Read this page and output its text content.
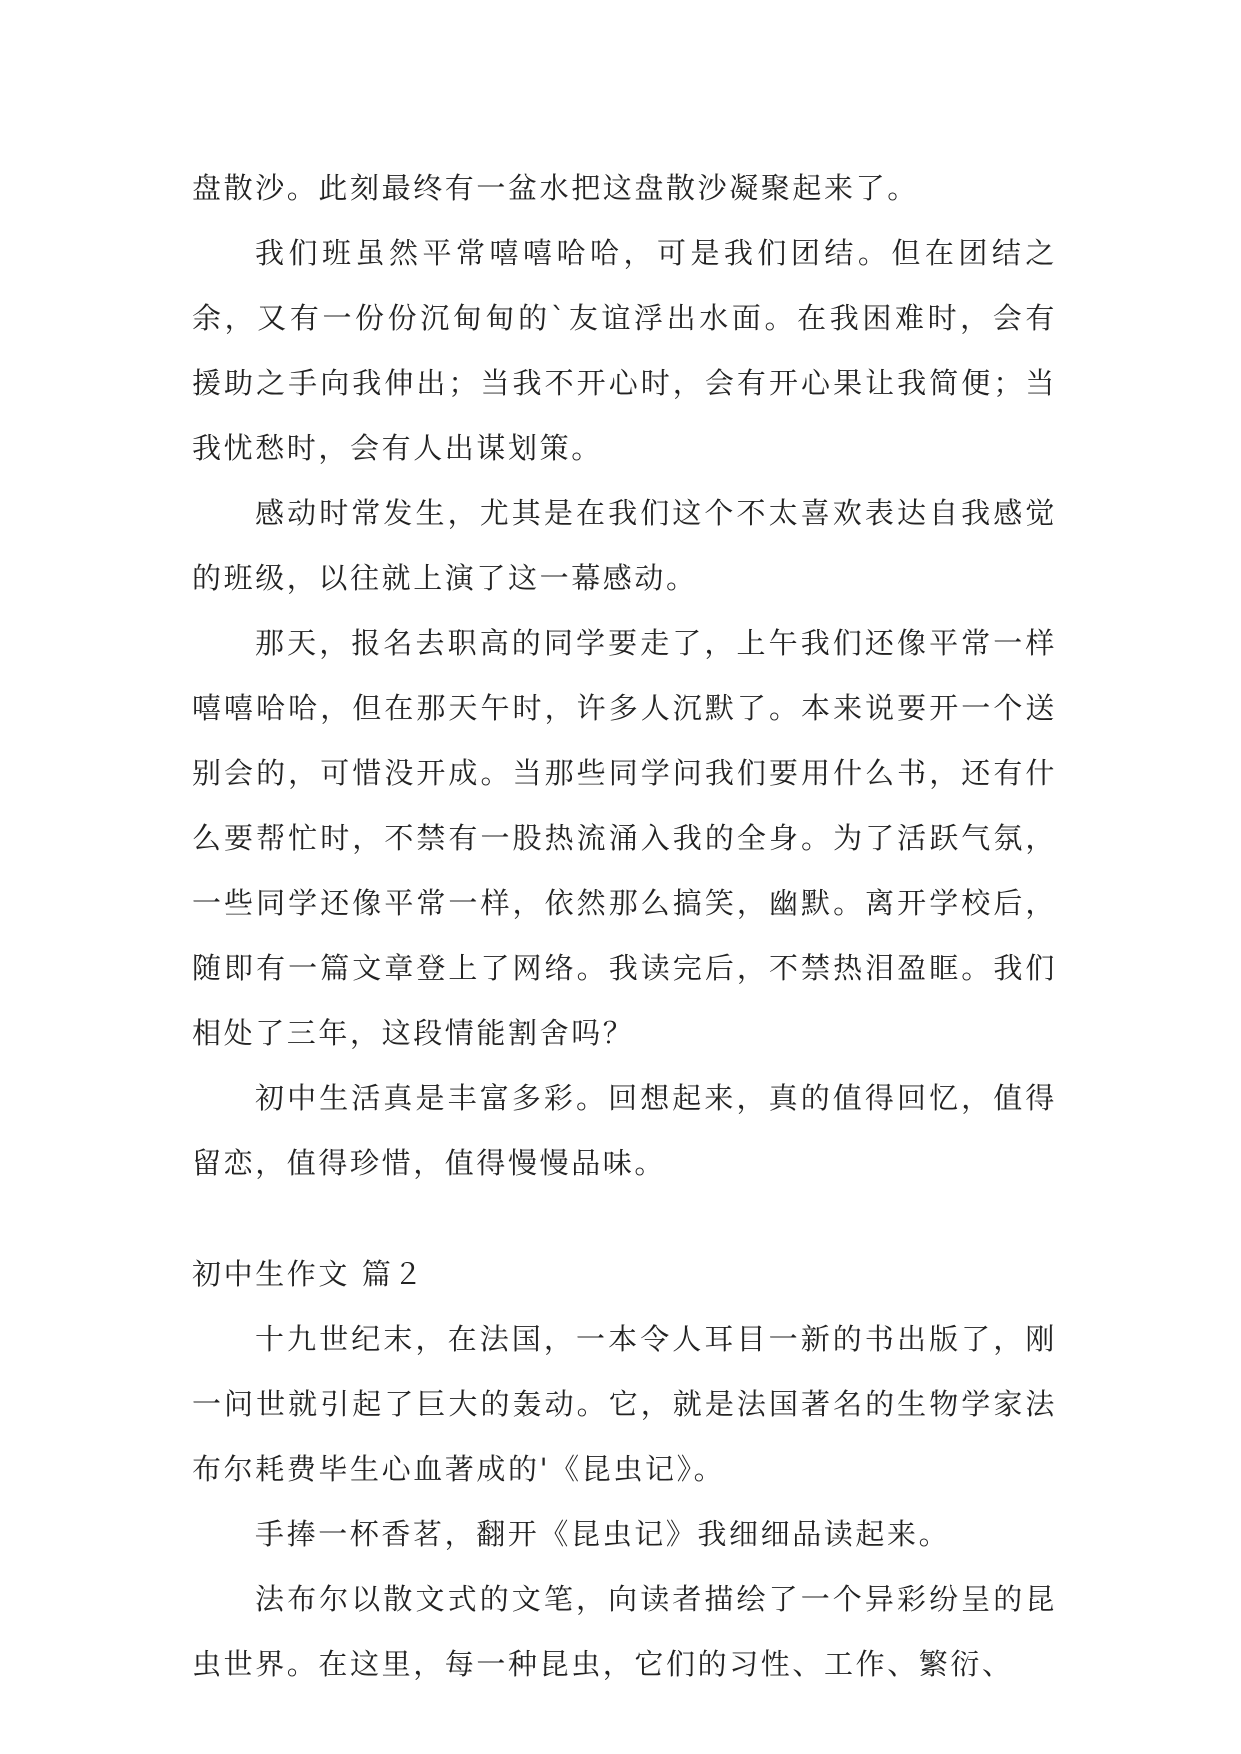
盘散沙。此刻最终有一盆水把这盘散沙凝聚起来了。

我们班虽然平常嘻嘻哈哈，可是我们团结。但在团结之余，又有一份份沉甸甸的`友谊浮出水面。在我困难时，会有援助之手向我伸出；当我不开心时，会有开心果让我简便；当我忧愁时，会有人出谋划策。

感动时常发生，尤其是在我们这个不太喜欢表达自我感觉的班级，以往就上演了这一幕感动。

那天，报名去职高的同学要走了，上午我们还像平常一样嘻嘻哈哈，但在那天午时，许多人沉默了。本来说要开一个送别会的，可惜没开成。当那些同学问我们要用什么书，还有什么要帮忙时，不禁有一股热流涌入我的全身。为了活跃气氛，一些同学还像平常一样，依然那么搞笑，幽默。离开学校后，随即有一篇文章登上了网络。我读完后，不禁热泪盈眶。我们相处了三年，这段情能割舍吗？

初中生活真是丰富多彩。回想起来，真的值得回忆，值得留恋，值得珍惜，值得慢慢品味。

初中生作文 篇２

十九世纪末，在法国，一本令人耳目一新的书出版了，刚一问世就引起了巨大的轰动。它，就是法国著名的生物学家法布尔耗费毕生心血著成的'《昆虫记》。

手捧一杯香茗，翻开《昆虫记》我细细品读起来。

法布尔以散文式的文笔，向读者描绘了一个异彩纷呈的昆虫世界。在这里，每一种昆虫，它们的习性、工作、繁衍、
